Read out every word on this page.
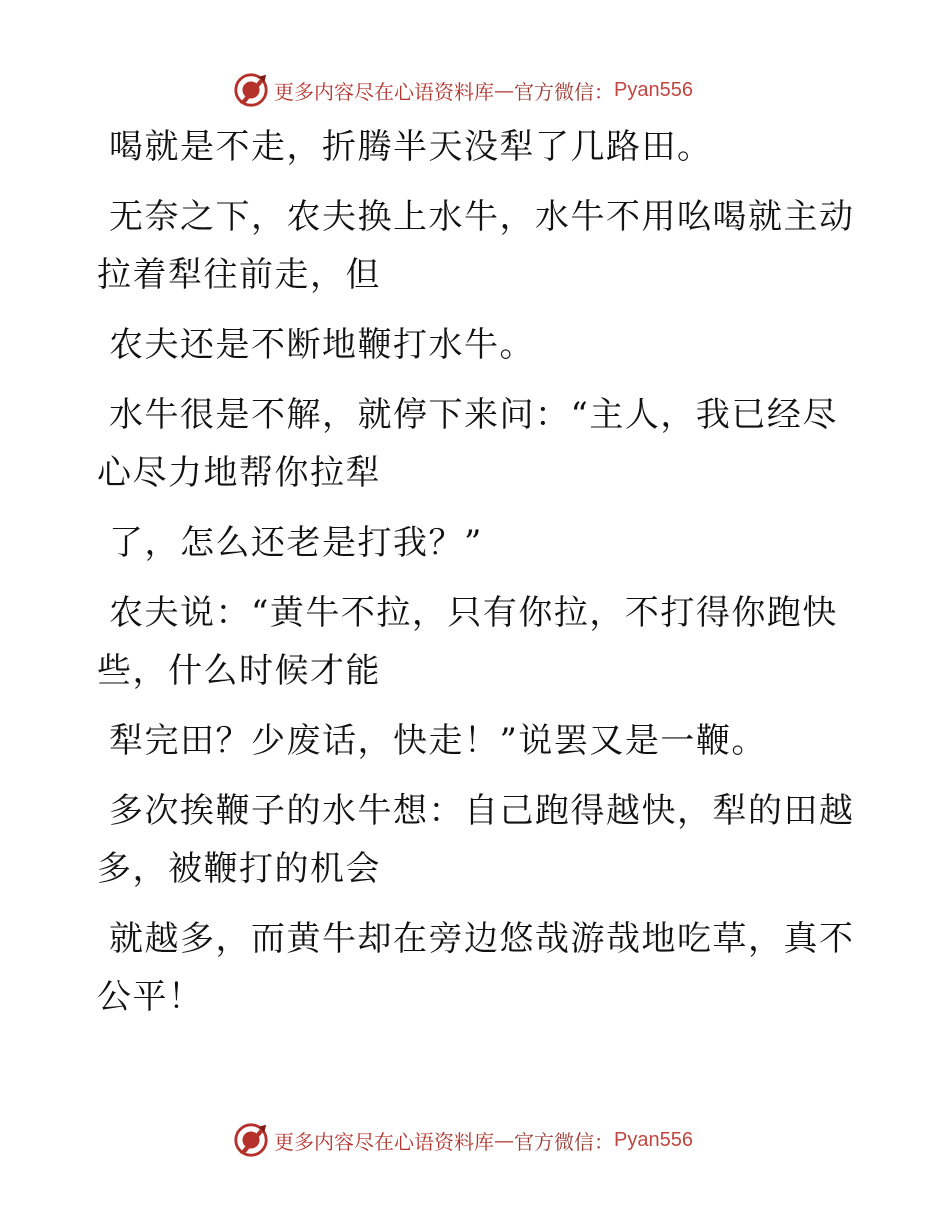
更多内容尽在心语资料库 — 官方微信： Pyan556
喝就是不走，折腾半天没犁了几路田。
无奈之下，农夫换上水牛，水牛不用吆喝就主动
拉着犁往前走，但
农夫还是不断地鞭打水牛。
水牛很是不解，就停下来问：“主人，我已经尽
心尽力地帮你拉犁
了，怎么还老是打我？”
农夫说：“黄牛不拉，只有你拉，不打得你跑快
些，什么时候才能
犁完田？少废话，快走！”说罢又是一鞭。
多次挨鞭子的水牛想：自己跑得越快，犁的田越
多，被鞭打的机会
就越多，而黄牛却在旁边悠哉游哉地吃草，真不
公平！
更多内容尽在心语资料库 — 官方微信： Pyan556
